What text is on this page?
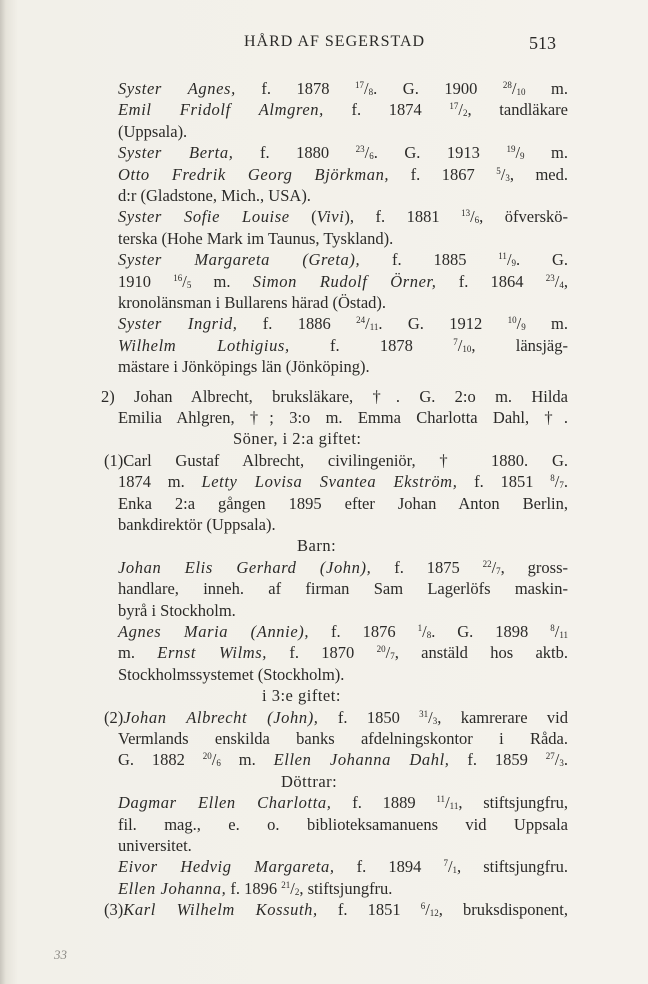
HÅRD AF SEGERSTAD	513
Syster Agnes, f. 1878 $^{17}/_8$. G. 1900 $^{28}/_{10}$ m.
Emil Fridolf Almgren, f. 1874 $^{17}/_2$, tandläkare
(Uppsala).
Syster Berta, f. 1880 $^{23}/_6$. G. 1913 $^{19}/_9$ m.
Otto Fredrik Georg Björkman, f. 1867 $^5/_3$, med.
d:r (Gladstone, Mich., USA).
Syster Sofie Louise (Vivi), f. 1881 $^{13}/_6$, öfverskö-
terska (Hohe Mark im Taunus, Tyskland).
Syster Margareta (Greta), f. 1885 $^{11}/_9$. G.
1910 $^{16}/_5$ m. Simon Rudolf Örner, f. 1864 $^{23}/_4$,
kronolänsman i Bullarens härad (Östad).
Syster Ingrid, f. 1886 $^{24}/_{11}$. G. 1912 $^{10}/_9$ m.
Wilhelm Lothigius, f. 1878 $^7/_{10}$, länsjäg-
mästare i Jönköpings län (Jönköping).
2) Johan Albrecht, bruksläkare, †. G. 2:o m. Hilda
Emilia Ahlgren, †; 3:o m. Emma Charlotta Dahl, †.
Söner, i 2:a giftet:
(1)Carl Gustaf Albrecht, civilingeniör, † 1880. G.
1874 m. Letty Lovisa Svantea Ekström, f. 1851 $^8/_7$.
Enka 2:a gången 1895 efter Johan Anton Berlin,
bankdirektör (Uppsala).
Barn:
Johan Elis Gerhard (John), f. 1875 $^{22}/_7$, gross-
handlare, inneh. af firman Sam Lagerlöfs maskin-
byrå i Stockholm.
Agnes Maria (Annie), f. 1876 $^1/_8$. G. 1898 $^8/_{11}$
m. Ernst Wilms, f. 1870 $^{20}/_7$, anstäld hos aktb.
Stockholmssystemet (Stockholm).
i 3:e giftet:
(2)Johan Albrecht (John), f. 1850 $^{31}/_3$, kamrerare vid
Vermlands enskilda banks afdelningskontor i Råda.
G. 1882 $^{20}/_6$ m. Ellen Johanna Dahl, f. 1859 $^{27}/_3$.
Döttrar:
Dagmar Ellen Charlotta, f. 1889 $^{11}/_{11}$, stiftsjungfru,
fil. mag., e. o. biblioteksamanuens vid Uppsala
universitet.
Eivor Hedvig Margareta, f. 1894 $^7/_1$, stiftsjungfru.
Ellen Johanna, f. 1896 $^{21}/_2$, stiftsjungfru.
(3)Karl Wilhelm Kossuth, f. 1851 $^6/_{12}$, bruksdisponent,
33
